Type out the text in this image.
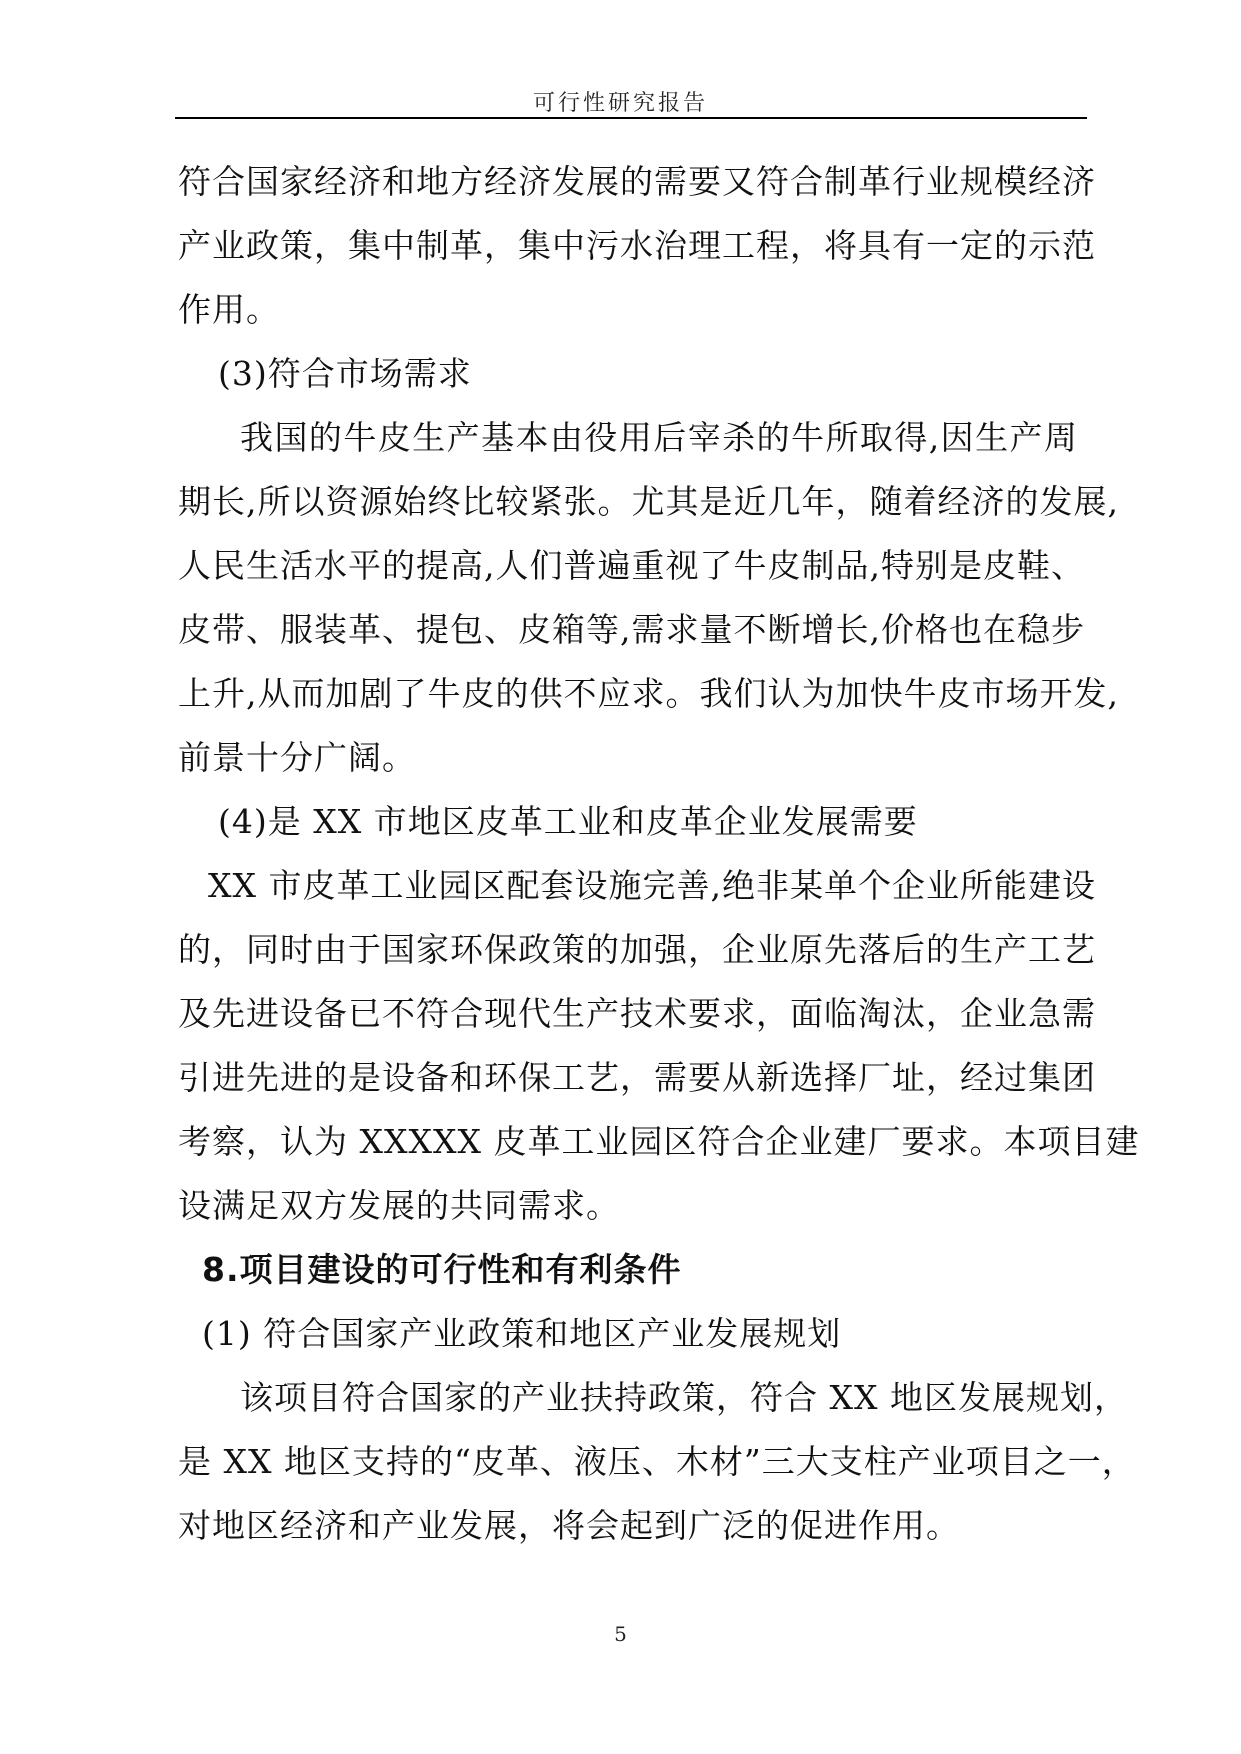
可行性研究报告
符合国家经济和地方经济发展的需要又符合制革行业规模经济
产业政策，集中制革，集中污水治理工程，将具有一定的示范
作用。
(3)符合市场需求
我国的牛皮生产基本由役用后宰杀的牛所取得,因生产周
期长,所以资源始终比较紧张。尤其是近几年，随着经济的发展,
人民生活水平的提高,人们普遍重视了牛皮制品,特别是皮鞋、
皮带、服装革、提包、皮箱等,需求量不断增长,价格也在稳步
上升,从而加剧了牛皮的供不应求。我们认为加快牛皮市场开发,
前景十分广阔。
(4)是 XX 市地区皮革工业和皮革企业发展需要
XX 市皮革工业园区配套设施完善,绝非某单个企业所能建设
的，同时由于国家环保政策的加强，企业原先落后的生产工艺
及先进设备已不符合现代生产技术要求，面临淘汰，企业急需
引进先进的是设备和环保工艺，需要从新选择厂址，经过集团
考察，认为 XXXXX 皮革工业园区符合企业建厂要求。本项目建
设满足双方发展的共同需求。
8.项目建设的可行性和有利条件
(1) 符合国家产业政策和地区产业发展规划
该项目符合国家的产业扶持政策，符合 XX 地区发展规划，
是 XX 地区支持的“皮革、液压、木材”三大支柱产业项目之一，
对地区经济和产业发展，将会起到广泛的促进作用。
5
